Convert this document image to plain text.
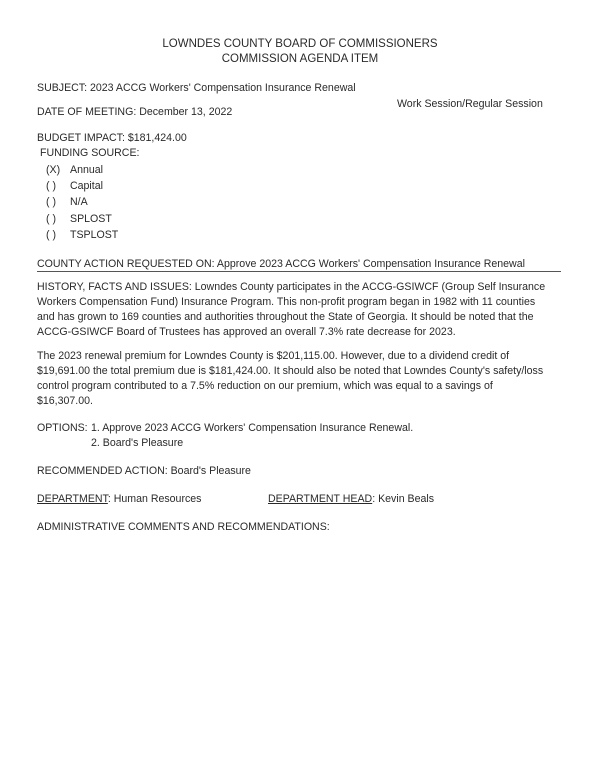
LOWNDES COUNTY BOARD OF COMMISSIONERS
COMMISSION AGENDA ITEM
SUBJECT: 2023 ACCG Workers' Compensation Insurance Renewal
DATE OF MEETING: December 13, 2022
Work Session/Regular Session
BUDGET IMPACT: $181,424.00
FUNDING SOURCE:
(X) Annual
( ) Capital
( ) N/A
( ) SPLOST
( ) TSPLOST
COUNTY ACTION REQUESTED ON: Approve 2023 ACCG Workers' Compensation Insurance Renewal
HISTORY, FACTS AND ISSUES: Lowndes County participates in the ACCG-GSIWCF (Group Self Insurance
Workers Compensation Fund) Insurance Program. This non-profit program began in 1982 with 11 counties
and has grown to 169 counties and authorities throughout the State of Georgia. It should be noted that the
ACCG-GSIWCF Board of Trustees has approved an overall 7.3% rate decrease for 2023.
The 2023 renewal premium for Lowndes County is $201,115.00. However, due to a dividend credit of
$19,691.00 the total premium due is $181,424.00. It should also be noted that Lowndes County's safety/loss
control program contributed to a 7.5% reduction on our premium, which was equal to a savings of
$16,307.00.
OPTIONS: 1. Approve 2023 ACCG Workers' Compensation Insurance Renewal.
2. Board's Pleasure
RECOMMENDED ACTION: Board's Pleasure
DEPARTMENT: Human Resources	DEPARTMENT HEAD: Kevin Beals
ADMINISTRATIVE COMMENTS AND RECOMMENDATIONS:
